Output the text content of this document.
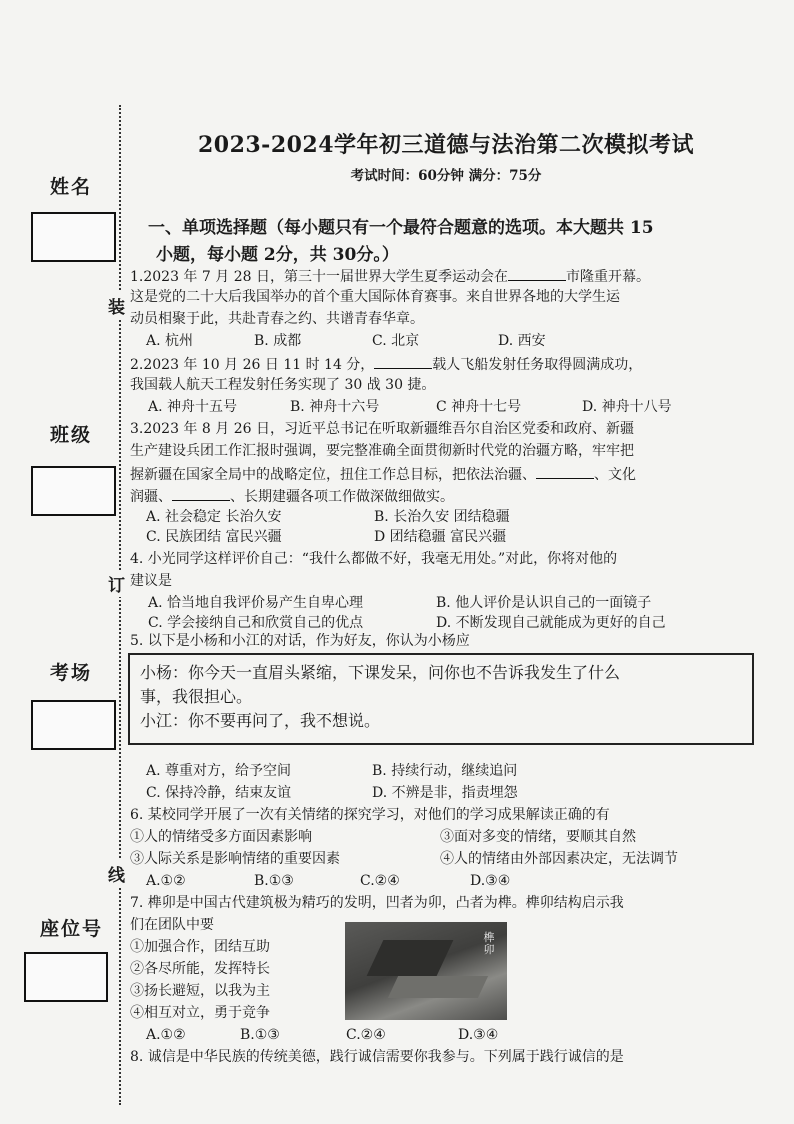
姓名
班级
考场
座位号
装
订
线
2023-2024学年初三道德与法治第二次模拟考试
考试时间：60分钟 满分：75分
一、单项选择题（每小题只有一个最符合题意的选项。本大题共 15
小题，每小题 2分，共 30分。）
1.2023 年 7 月 28 日，第三十一届世界大学生夏季运动会在	市隆重开幕。
这是党的二十大后我国举办的首个重大国际体育赛事。来自世界各地的大学生运
动员相聚于此，共赴青春之约、共谱青春华章。
A. 杭州	B. 成都	C. 北京	D. 西安
2.2023 年 10 月 26 日 11 时 14 分，	载人飞船发射任务取得圆满成功，
我国载人航天工程发射任务实现了 30 战 30 捷。
A. 神舟十五号	B. 神舟十六号	C 神舟十七号	D. 神舟十八号
3.2023 年 8 月 26 日，习近平总书记在听取新疆维吾尔自治区党委和政府、新疆
生产建设兵团工作汇报时强调，要完整准确全面贯彻新时代党的治疆方略，牢牢把
握新疆在国家全局中的战略定位，扭住工作总目标，把依法治疆、	、文化
润疆、	、长期建疆各项工作做深做细做实。
A. 社会稳定 长治久安	B. 长治久安 团结稳疆
C. 民族团结 富民兴疆	D 团结稳疆 富民兴疆
4. 小光同学这样评价自己：“我什么都做不好，我毫无用处。”对此，你将对他的
建议是
A. 恰当地自我评价易产生自卑心理	B. 他人评价是认识自己的一面镜子
C. 学会接纳自己和欣赏自己的优点	D. 不断发现自己就能成为更好的自己
5. 以下是小杨和小江的对话，作为好友，你认为小杨应
小杨：你今天一直眉头紧缩，下课发呆，问你也不告诉我发生了什么
事，我很担心。
小江：你不要再问了，我不想说。
A. 尊重对方，给予空间	B. 持续行动，继续追问
C. 保持冷静，结束友谊	D. 不辨是非，指责埋怨
6. 某校同学开展了一次有关情绪的探究学习，对他们的学习成果解读正确的有
①人的情绪受多方面因素影响	③面对多变的情绪，要顺其自然
③人际关系是影响情绪的重要因素	④人的情绪由外部因素决定，无法调节
A.①②	B.①③	C.②④	D.③④
7. 榫卯是中国古代建筑极为精巧的发明，凹者为卯，凸者为榫。榫卯结构启示我
们在团队中要
①加强合作，团结互助
②各尽所能，发挥特长
③扬长避短，以我为主
④相互对立，勇于竞争
榫卯
A.①②	B.①③	C.②④	D.③④
8. 诚信是中华民族的传统美德，践行诚信需要你我参与。下列属于践行诚信的是
